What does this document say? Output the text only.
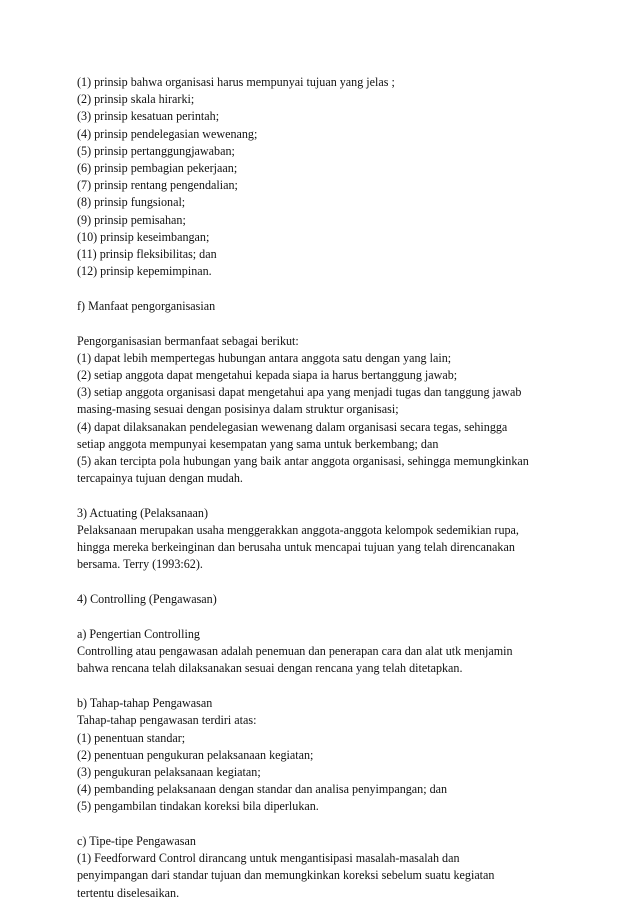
(1) prinsip bahwa organisasi harus mempunyai tujuan yang jelas ;
(2) prinsip skala hirarki;
(3) prinsip kesatuan perintah;
(4) prinsip pendelegasian wewenang;
(5) prinsip pertanggungjawaban;
(6) prinsip pembagian pekerjaan;
(7) prinsip rentang pengendalian;
(8) prinsip fungsional;
(9) prinsip pemisahan;
(10) prinsip keseimbangan;
(11) prinsip fleksibilitas; dan
(12) prinsip kepemimpinan.
f) Manfaat pengorganisasian
Pengorganisasian bermanfaat sebagai berikut:
(1) dapat lebih mempertegas hubungan antara anggota satu dengan yang lain;
(2) setiap anggota dapat mengetahui kepada siapa ia harus bertanggung jawab;
(3) setiap anggota organisasi dapat mengetahui apa yang menjadi tugas dan tanggung jawab
masing-masing sesuai dengan posisinya dalam struktur organisasi;
(4) dapat dilaksanakan pendelegasian wewenang dalam organisasi secara tegas, sehingga
setiap anggota mempunyai kesempatan yang sama untuk berkembang; dan
(5) akan tercipta pola hubungan yang baik antar anggota organisasi, sehingga memungkinkan
tercapainya tujuan dengan mudah.
3) Actuating (Pelaksanaan)
Pelaksanaan merupakan usaha menggerakkan anggota-anggota kelompok sedemikian rupa,
hingga mereka berkeinginan dan berusaha untuk mencapai tujuan yang telah direncanakan
bersama. Terry (1993:62).
4) Controlling (Pengawasan)
a) Pengertian Controlling
Controlling atau pengawasan adalah penemuan dan penerapan cara dan alat utk menjamin
bahwa rencana telah dilaksanakan sesuai dengan rencana yang telah ditetapkan.
b) Tahap-tahap Pengawasan
Tahap-tahap pengawasan terdiri atas:
(1) penentuan standar;
(2) penentuan pengukuran pelaksanaan kegiatan;
(3) pengukuran pelaksanaan kegiatan;
(4) pembanding pelaksanaan dengan standar dan analisa penyimpangan; dan
(5) pengambilan tindakan koreksi bila diperlukan.
c) Tipe-tipe Pengawasan
(1) Feedforward Control dirancang untuk mengantisipasi masalah-masalah dan
penyimpangan dari standar tujuan dan memungkinkan koreksi sebelum suatu kegiatan
tertentu diselesaikan.
